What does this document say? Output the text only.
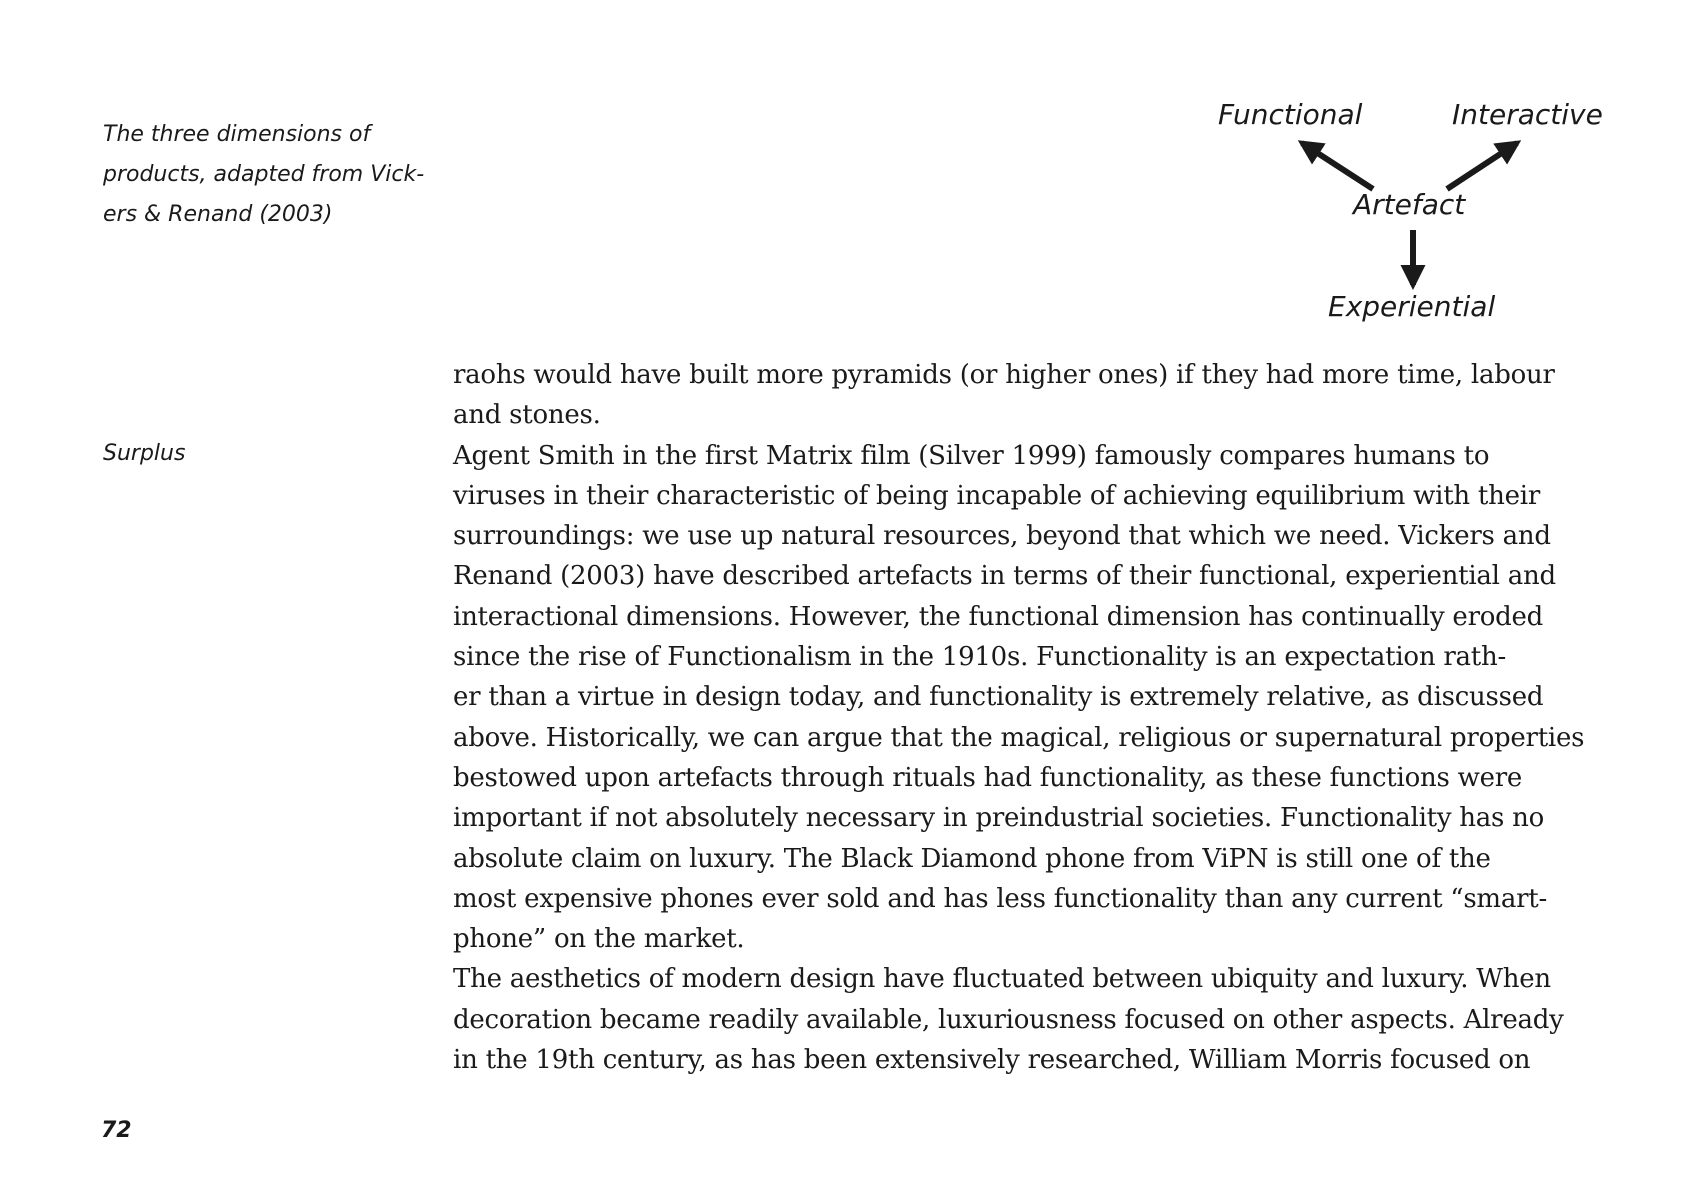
The three dimensions of
products, adapted from Vick-
ers & Renand (2003)
Functional	Interactive
Artefact
Experiential
Surplus
raohs would have built more pyramids (or higher ones) if they had more time, labour
and stones.
Agent Smith in the first Matrix film (Silver 1999) famously compares humans to
viruses in their characteristic of being incapable of achieving equilibrium with their
surroundings: we use up natural resources, beyond that which we need. Vickers and
Renand (2003) have described artefacts in terms of their functional, experiential and
interactional dimensions. However, the functional dimension has continually eroded
since the rise of Functionalism in the 1910s. Functionality is an expectation rath-
er than a virtue in design today, and functionality is extremely relative, as discussed
above. Historically, we can argue that the magical, religious or supernatural properties
bestowed upon artefacts through rituals had functionality, as these functions were
important if not absolutely necessary in preindustrial societies. Functionality has no
absolute claim on luxury. The Black Diamond phone from ViPN is still one of the
most expensive phones ever sold and has less functionality than any current “smart-
phone” on the market.
The aesthetics of modern design have fluctuated between ubiquity and luxury. When
decoration became readily available, luxuriousness focused on other aspects. Already
in the 19th century, as has been extensively researched, William Morris focused on
72
